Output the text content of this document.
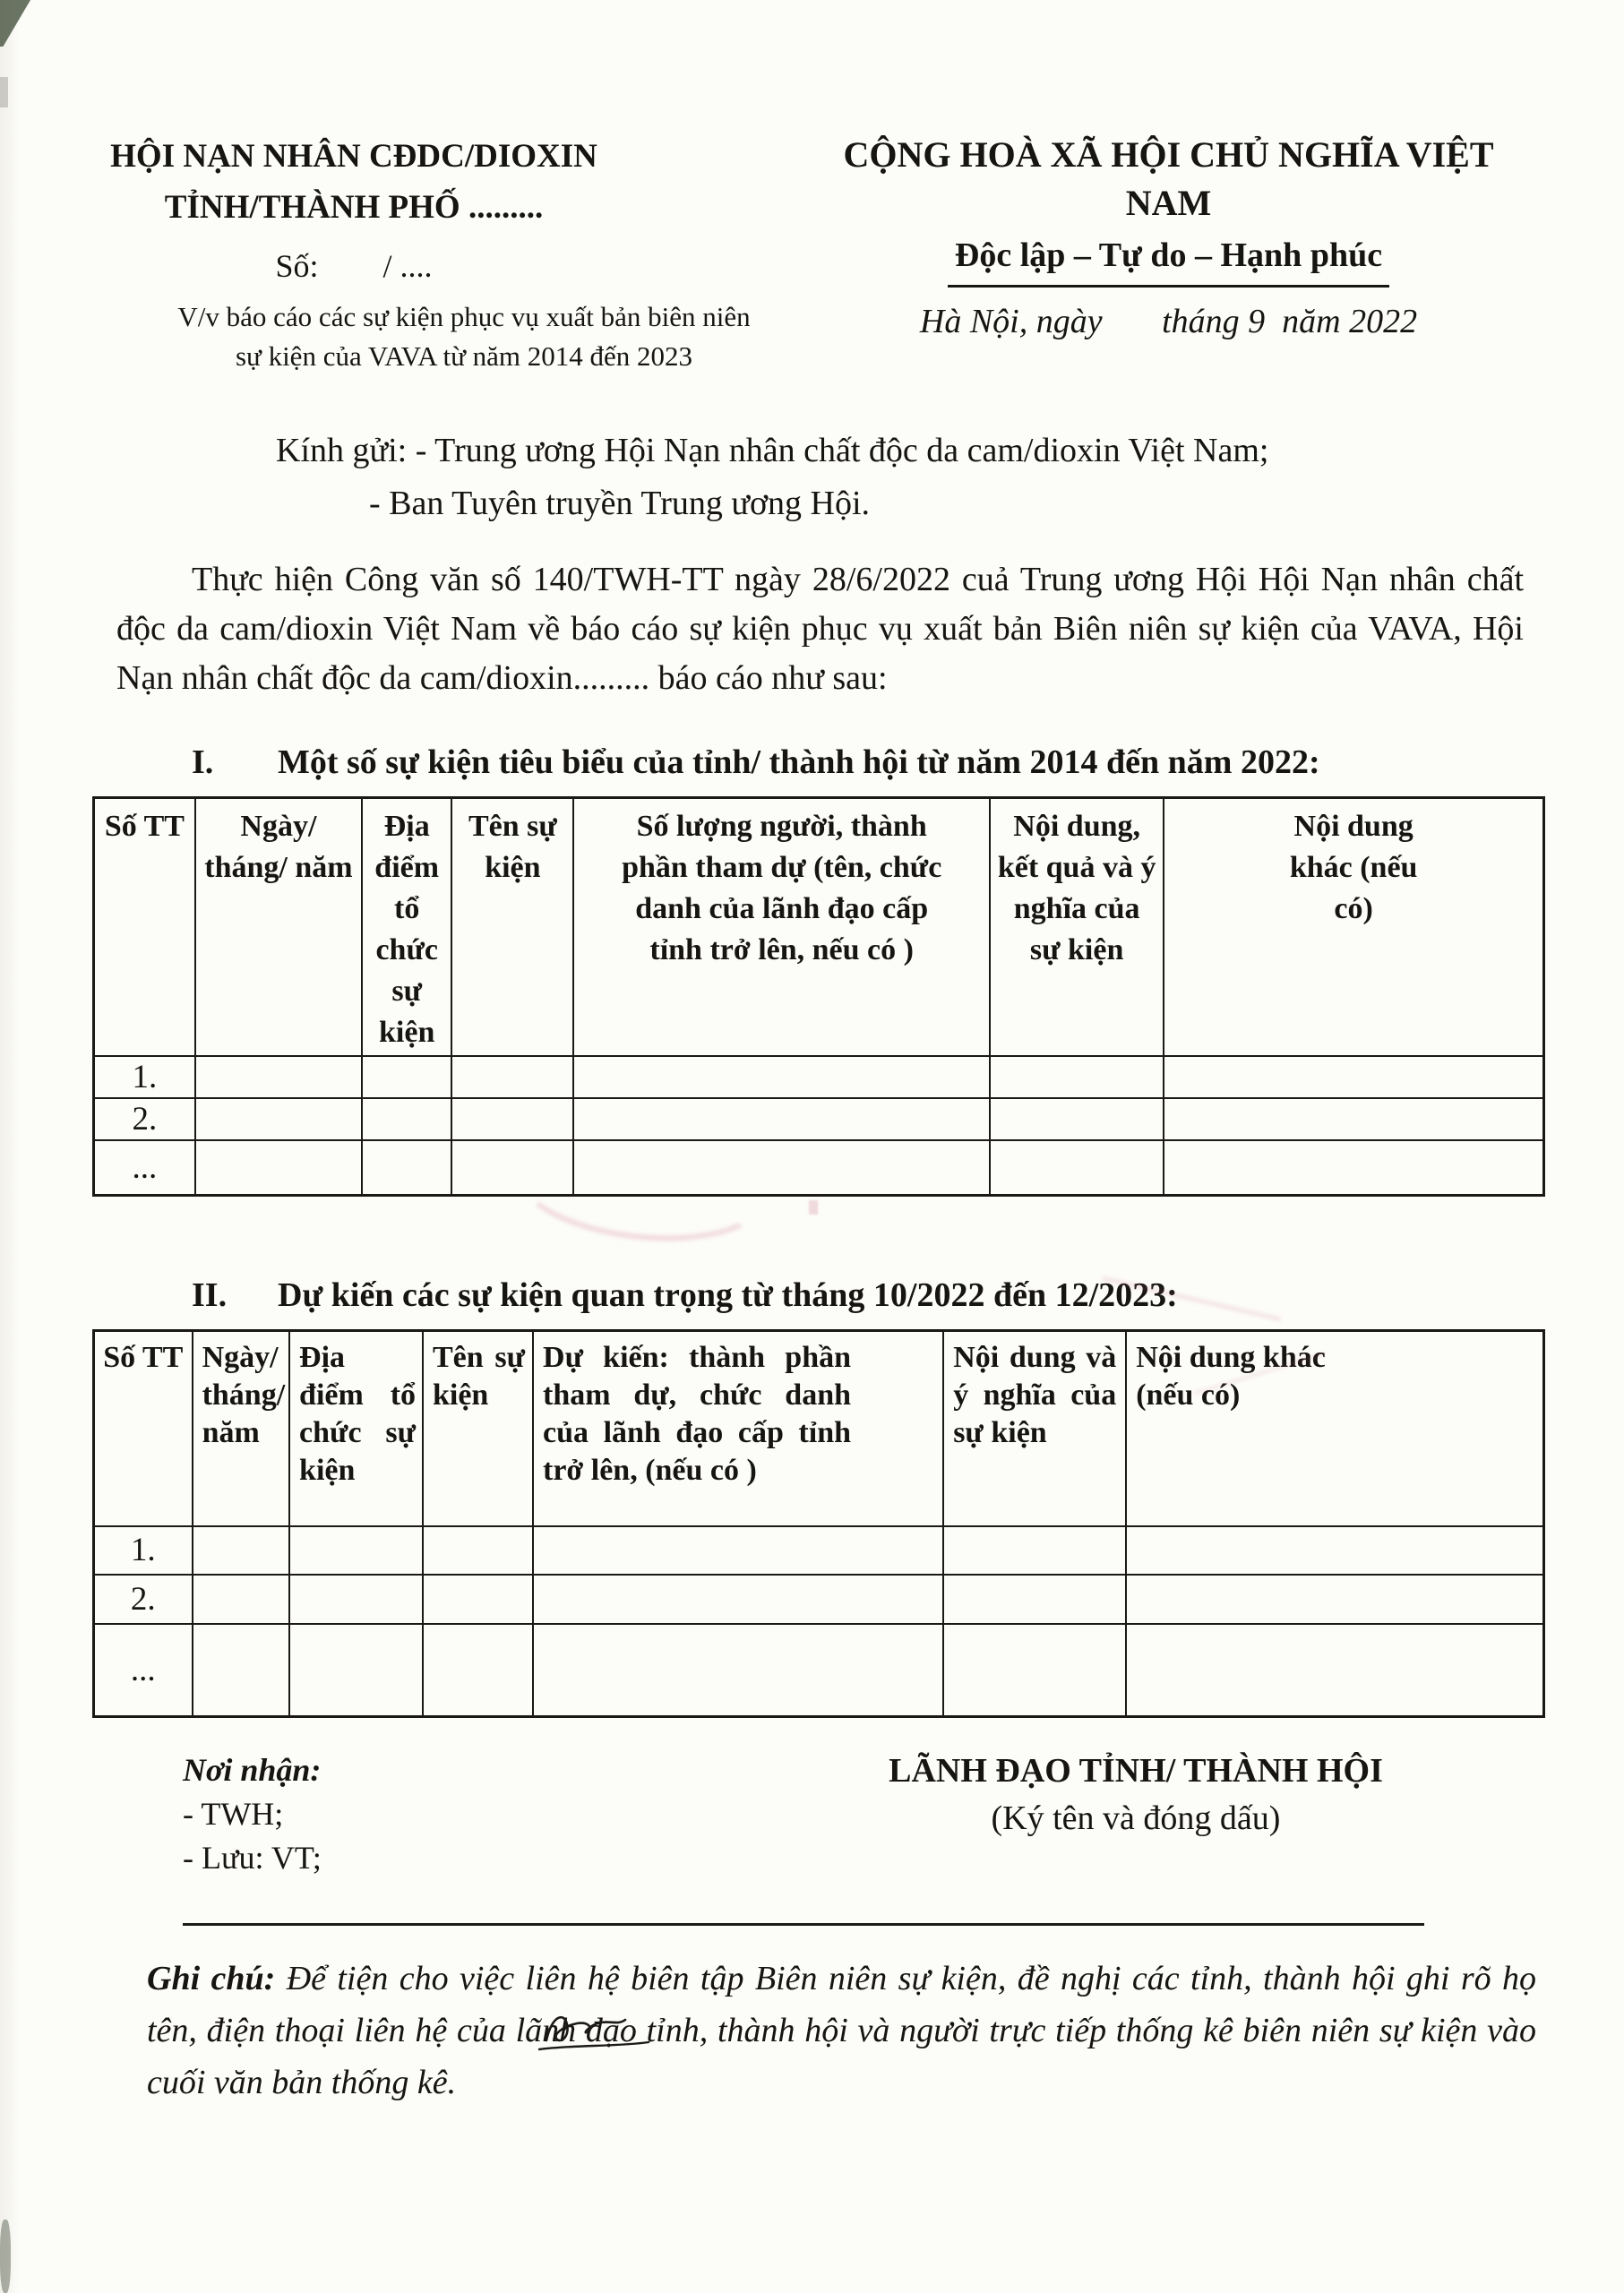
HỘI NẠN NHÂN CĐDC/DIOXIN
TỈNH/THÀNH PHỐ .........
Số:        / ....
V/v báo cáo các sự kiện phục vụ xuất bản biên niên
sự kiện của VAVA từ năm 2014 đến 2023
CỘNG HOÀ XÃ HỘI CHỦ NGHĨA VIỆT NAM
Độc lập – Tự do – Hạnh phúc
Hà Nội, ngày       tháng 9  năm 2022
Kính gửi: - Trung ương Hội Nạn nhân chất độc da cam/dioxin Việt Nam;
- Ban Tuyên truyền Trung ương Hội.
Thực hiện Công văn số 140/TWH-TT ngày 28/6/2022 cuả Trung ương Hội Hội Nạn nhân chất độc da cam/dioxin Việt Nam về báo cáo sự kiện phục vụ xuất bản Biên niên sự kiện của VAVA, Hội Nạn nhân chất độc da cam/dioxin......... báo cáo như sau:
I.	Một số sự kiện tiêu biểu của tỉnh/ thành hội từ năm 2014 đến năm 2022:
Số TT	Ngày/ tháng/ năm	Địa điểm tổ chức sự kiện	Tên sự kiện	Số lượng người, thành phần tham dự (tên, chức danh của lãnh đạo cấp tỉnh trở lên, nếu có )	Nội dung, kết quả và ý nghĩa của sự kiện	Nội dung khác (nếu có)
1.						
2.						
...						
II.	Dự kiến các sự kiện quan trọng từ tháng 10/2022 đến 12/2023:
Số TT	Ngày/ tháng/ năm	Địa điểm tổ chức sự kiện	Tên sự kiện	Dự kiến: thành phần tham dự, chức danh của lãnh đạo cấp tỉnh trở lên, (nếu có )	Nội dung và ý nghĩa của sự kiện	Nội dung khác (nếu có)
1.						
2.						
...						
Nơi nhận:
- TWH;
- Lưu: VT;
LÃNH ĐẠO TỈNH/ THÀNH HỘI
(Ký tên và đóng dấu)
Ghi chú: Để tiện cho việc liên hệ biên tập Biên niên sự kiện, đề nghị các tỉnh, thành hội ghi rõ họ tên, điện thoại liên hệ của lãnh đạo tỉnh, thành hội và người trực tiếp thống kê biên niên sự kiện vào cuối văn bản thống kê.
